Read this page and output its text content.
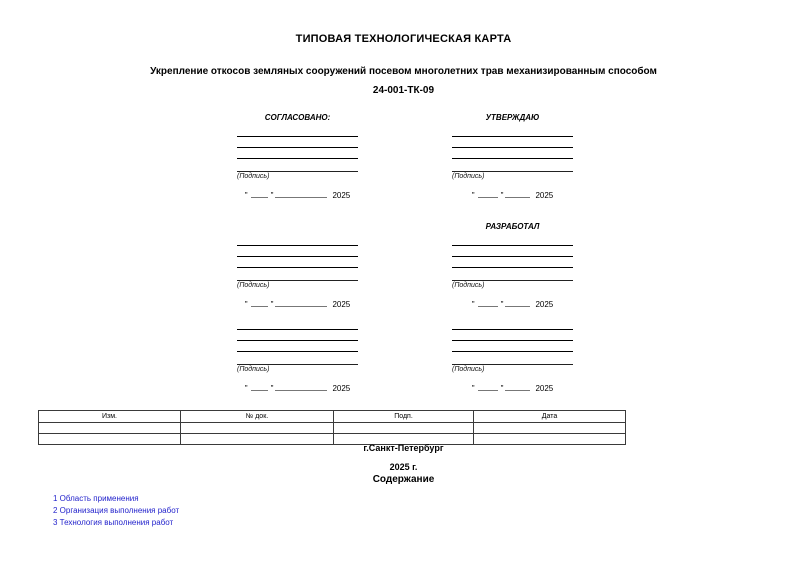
ТИПОВАЯ ТЕХНОЛОГИЧЕСКАЯ КАРТА
Укрепление откосов земляных сооружений посевом многолетних трав механизированным способом
24-001-ТК-09
СОГЛАСОВАНО:
(Подпись)
"	"	2025
УТВЕРЖДАЮ
(Подпись)
"	"	2025
(Подпись)
"	"	2025
РАЗРАБОТАЛ
(Подпись)
"	"	2025
(Подпись)
"	"	2025
(Подпись)
"	"	2025
Изм.	№ док.	Подп.	Дата

г.Санкт-Петербург
2025 г.
Содержание
1 Область применения
2 Организация выполнения работ
3 Технология выполнения работ
